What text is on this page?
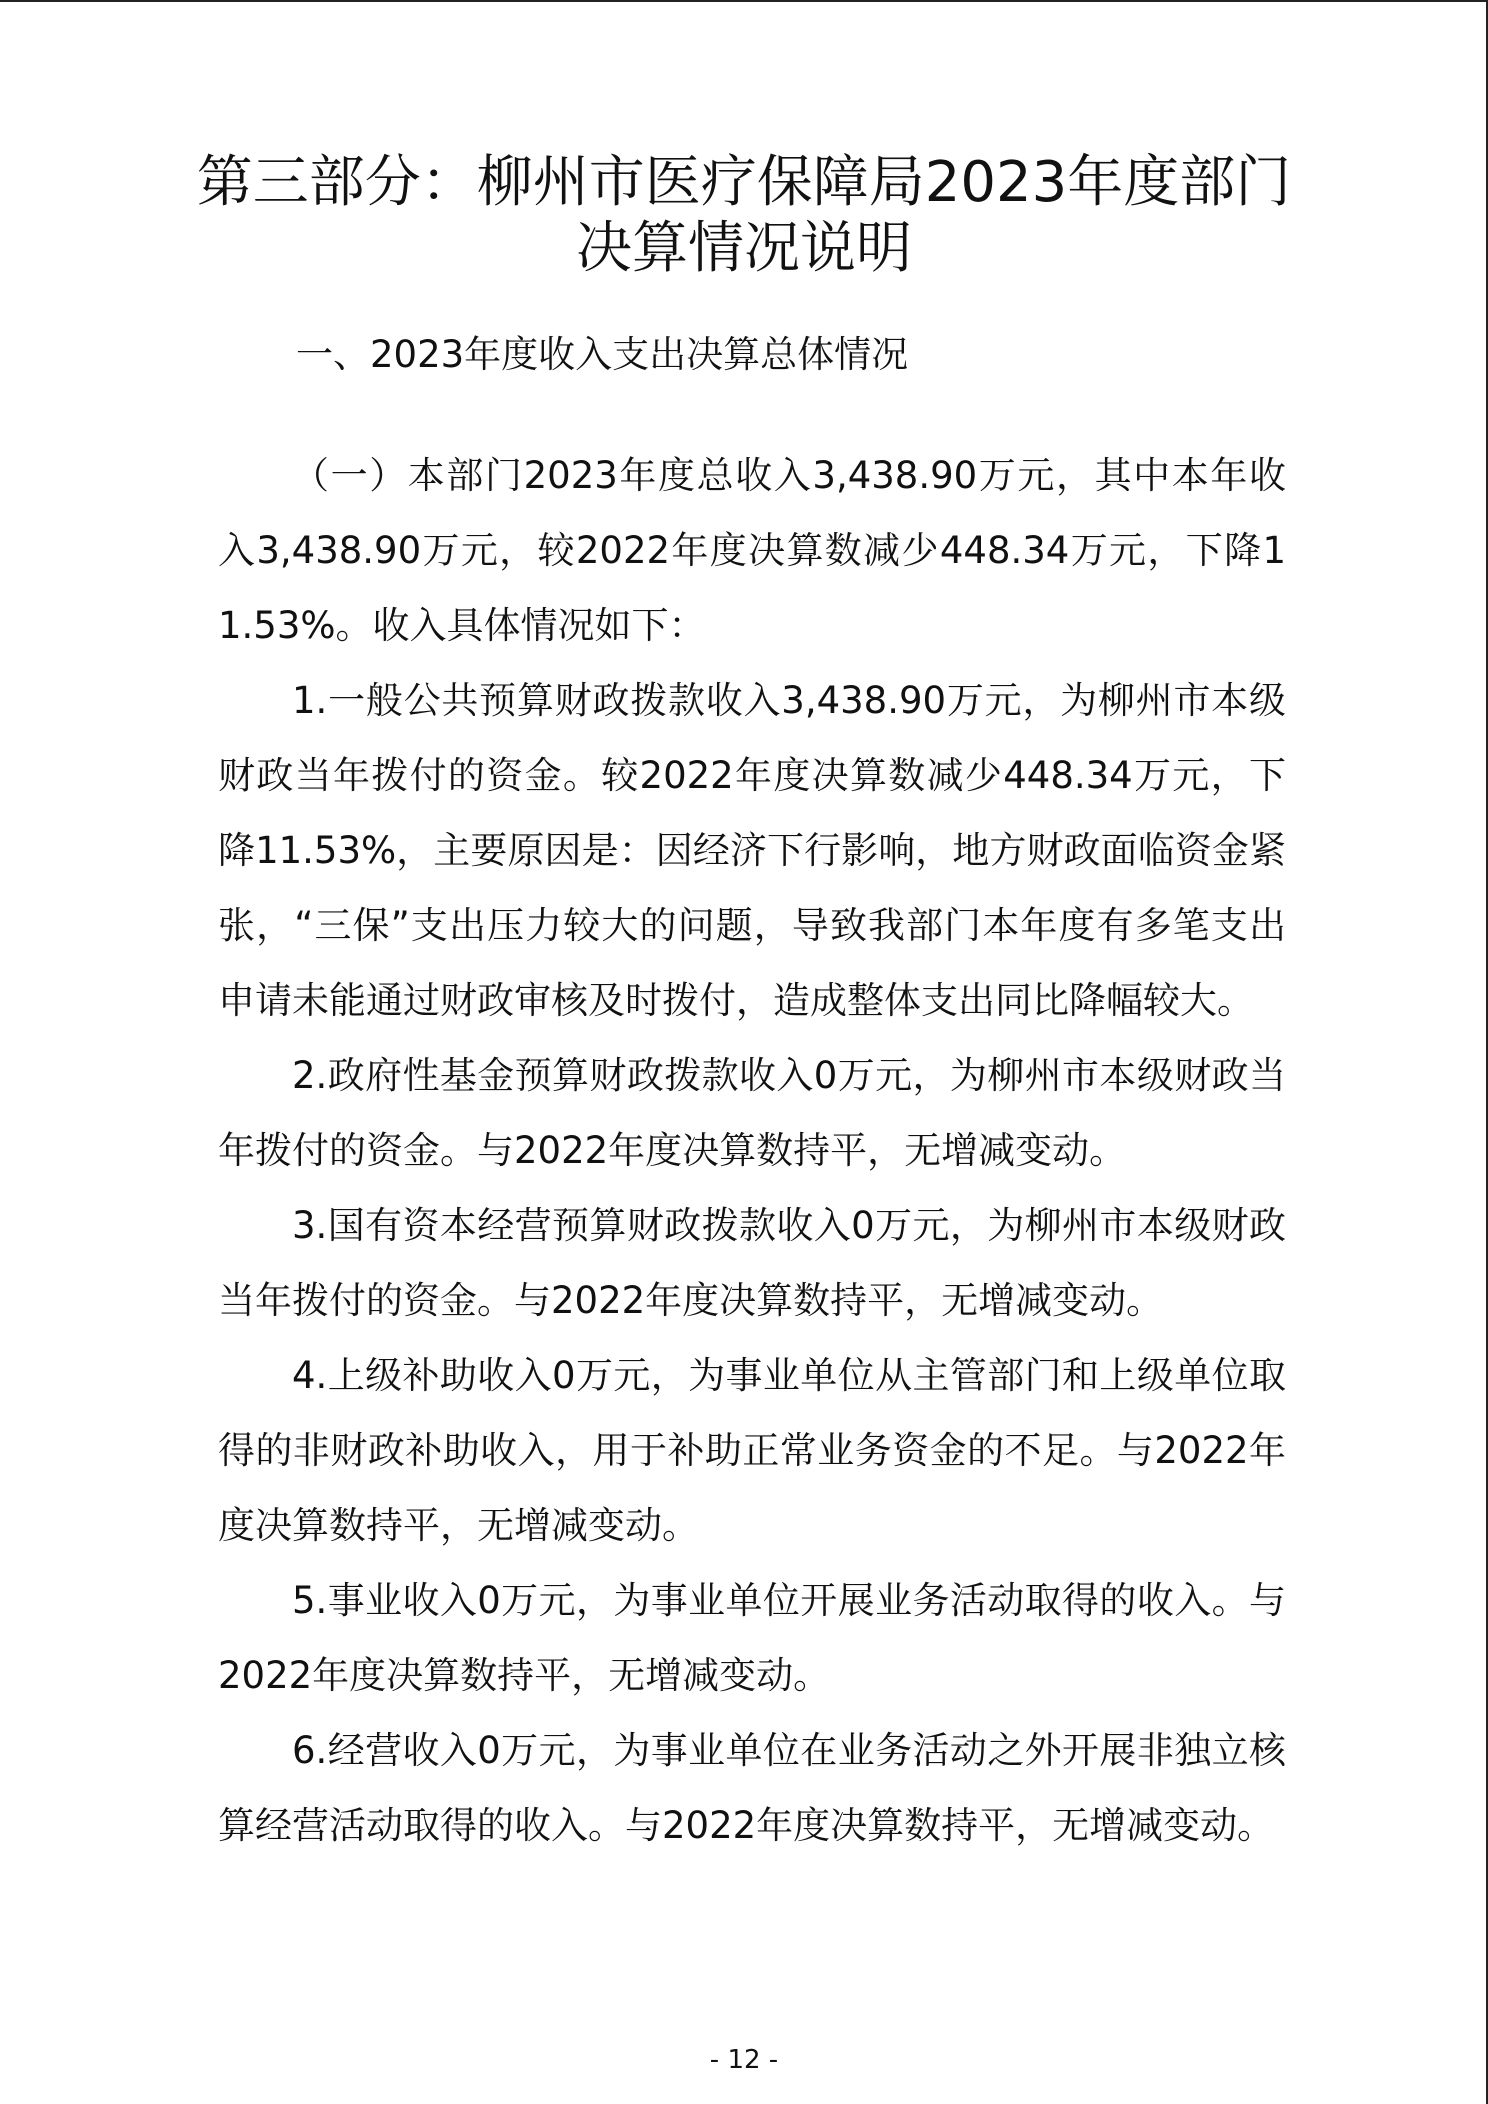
第三部分：柳州市医疗保障局2023年度部门
决算情况说明
一、2023年度收入支出决算总体情况

（一）本部门2023年度总收入3,438.90万元，其中本年收入3,438.90万元，较2022年度决算数减少448.34万元，下降11.53%。收入具体情况如下：

1.一般公共预算财政拨款收入3,438.90万元，为柳州市本级财政当年拨付的资金。较2022年度决算数减少448.34万元，下降11.53%，主要原因是：因经济下行影响，地方财政面临资金紧张，“三保”支出压力较大的问题，导致我部门本年度有多笔支出申请未能通过财政审核及时拨付，造成整体支出同比降幅较大。

2.政府性基金预算财政拨款收入0万元，为柳州市本级财政当年拨付的资金。与2022年度决算数持平，无增减变动。

3.国有资本经营预算财政拨款收入0万元，为柳州市本级财政当年拨付的资金。与2022年度决算数持平，无增减变动。

4.上级补助收入0万元，为事业单位从主管部门和上级单位取得的非财政补助收入，用于补助正常业务资金的不足。与2022年度决算数持平，无增减变动。

5.事业收入0万元，为事业单位开展业务活动取得的收入。与2022年度决算数持平，无增减变动。

6.经营收入0万元，为事业单位在业务活动之外开展非独立核算经营活动取得的收入。与2022年度决算数持平，无增减变动。

- 12 -
